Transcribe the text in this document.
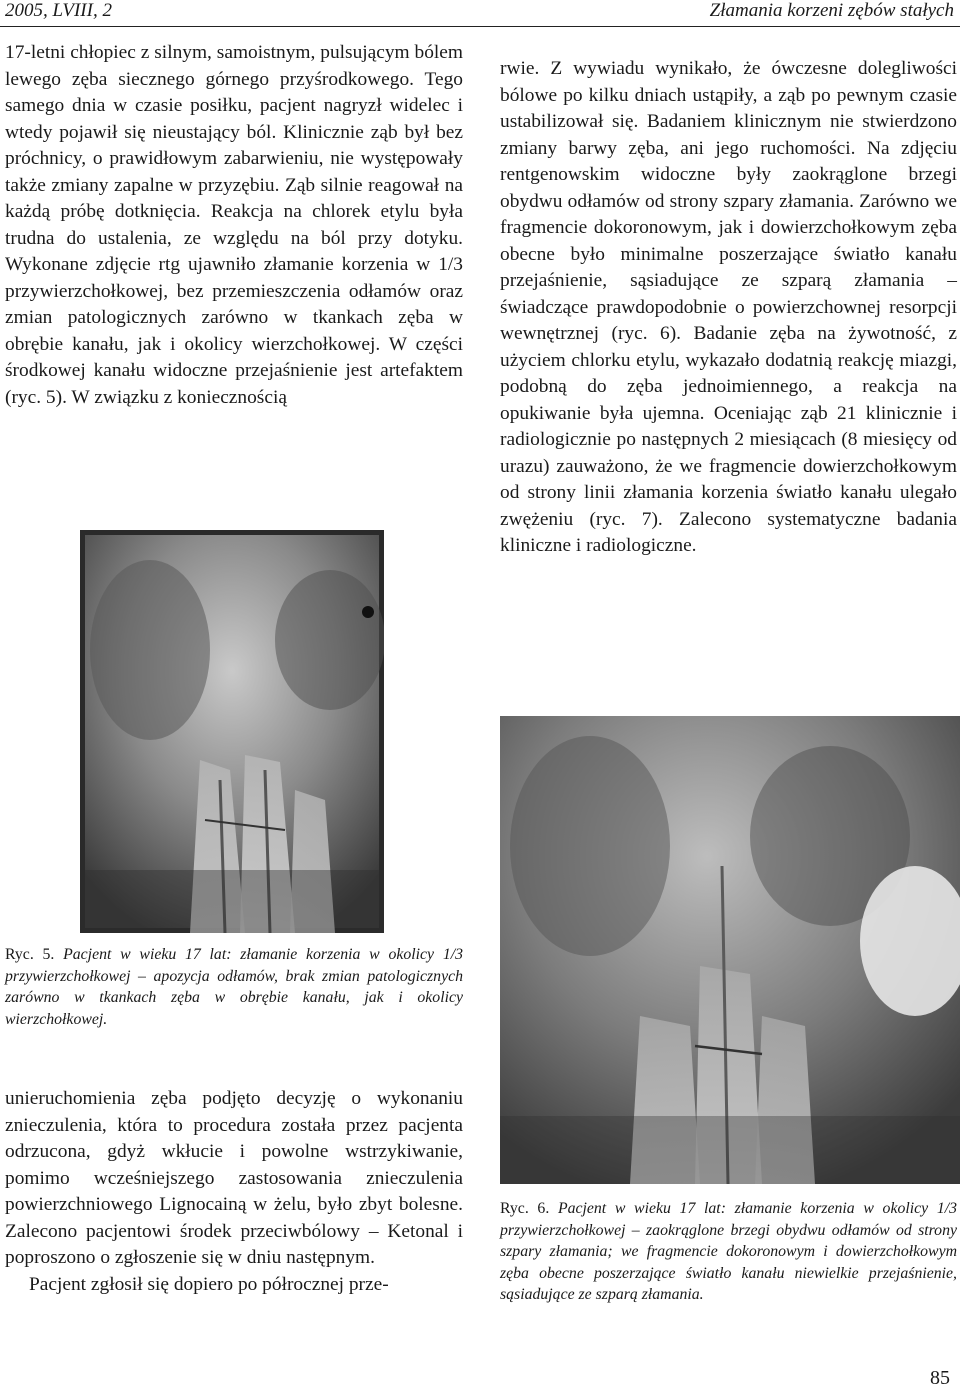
2005, LVIII, 2	Złamania korzeni zębów stałych

17-letni chłopiec z silnym, samoistnym, pulsującym bólem lewego zęba siecznego górnego przyśrodkowego. Tego samego dnia w czasie posiłku, pacjent nagryzł widelec i wtedy pojawił się nieustający ból. Klinicznie ząb był bez próchnicy, o prawidłowym zabarwieniu, nie występowały także zmiany zapalne w przyzębiu. Ząb silnie reagował na każdą próbę dotknięcia. Reakcja na chlorek etylu była trudna do ustalenia, ze względu na ból przy dotyku. Wykonane zdjęcie rtg ujawniło złamanie korzenia w 1/3 przywierzchołkowej, bez przemieszczenia odłamów oraz zmian patologicznych zarówno w tkankach zęba w obrębie kanału, jak i okolicy wierzchołkowej. W części środkowej kanału widoczne przejaśnienie jest artefaktem (ryc. 5). W związku z koniecznością

Ryc. 5. Pacjent w wieku 17 lat: złamanie korzenia w okolicy 1/3 przywierzchołkowej – apozycja odłamów, brak zmian patologicznych zarówno w tkankach zęba w obrębie kanału, jak i okolicy wierzchołkowej.

unieruchomienia zęba podjęto decyzję o wykonaniu znieczulenia, która to procedura została przez pacjenta odrzucona, gdyż wkłucie i powolne wstrzykiwanie, pomimo wcześniejszego zastosowania znieczulenia powierzchniowego Lignocainą w żelu, było zbyt bolesne. Zalecono pacjentowi środek przeciwbólowy – Ketonal i poproszono o zgłoszenie się w dniu następnym.

Pacjent zgłosił się dopiero po półrocznej prze-

rwie. Z wywiadu wynikało, że ówczesne dolegliwości bólowe po kilku dniach ustąpiły, a ząb po pewnym czasie ustabilizował się. Badaniem klinicznym nie stwierdzono zmiany barwy zęba, ani jego ruchomości. Na zdjęciu rentgenowskim widoczne były zaokrąglone brzegi obydwu odłamów od strony szpary złamania. Zarówno we fragmencie dokoronowym, jak i dowierzchołkowym zęba obecne było minimalne poszerzające światło kanału przejaśnienie, sąsiadujące ze szparą złamania – świadczące prawdopodobnie o powierzchownej resorpcji wewnętrznej (ryc. 6). Badanie zęba na żywotność, z użyciem chlorku etylu, wykazało dodatnią reakcję miazgi, podobną do zęba jednoimiennego, a reakcja na opukiwanie była ujemna. Oceniając ząb 21 klinicznie i radiologicznie po następnych 2 miesiącach (8 miesięcy od urazu) zauważono, że we fragmencie dowierzchołkowym od strony linii złamania korzenia światło kanału ulegało zwężeniu (ryc. 7). Zalecono systematyczne badania kliniczne i radiologiczne.

Ryc. 6. Pacjent w wieku 17 lat: złamanie korzenia w okolicy 1/3 przywierzchołkowej – zaokrąglone brzegi obydwu odłamów od strony szpary złamania; we fragmencie dokoronowym i dowierzchołkowym zęba obecne poszerzające światło kanału niewielkie przejaśnienie, sąsiadujące ze szparą złamania.
85
